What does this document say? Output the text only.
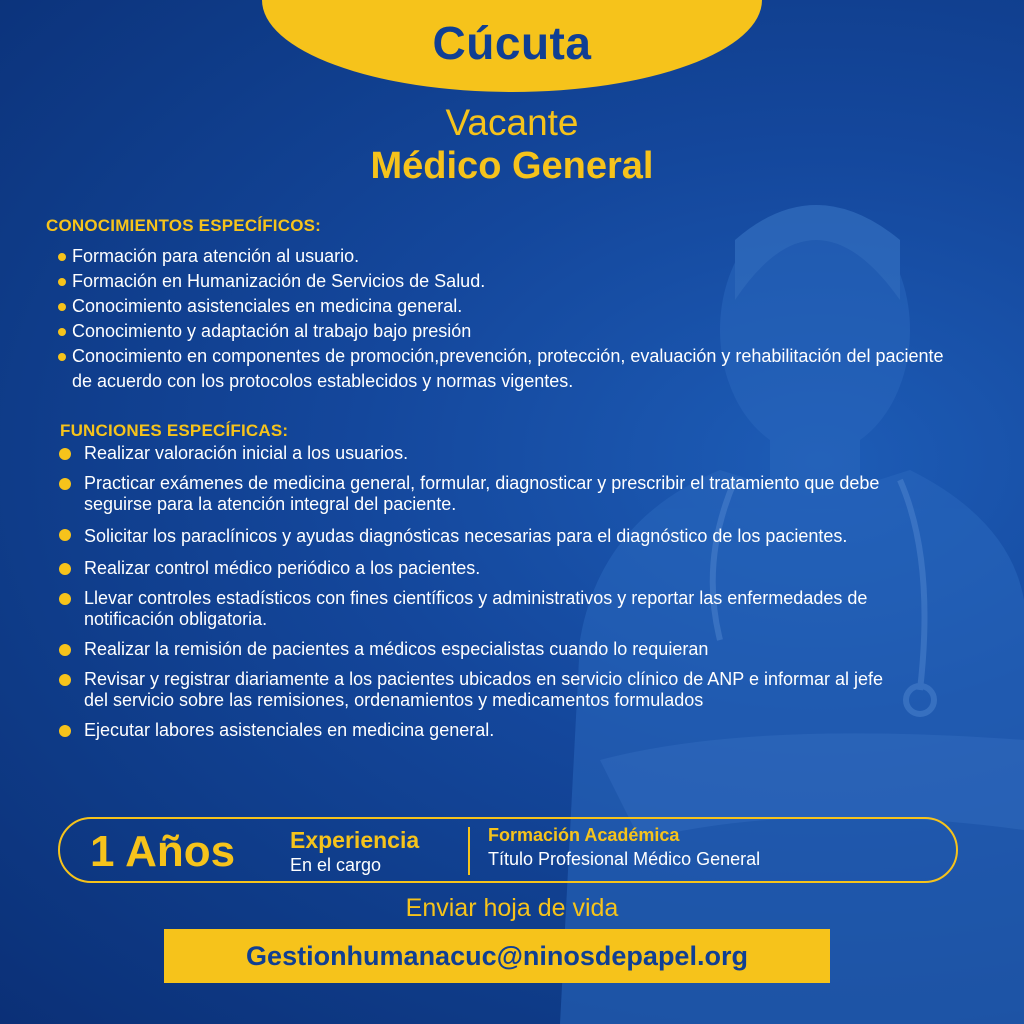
Cúcuta
Vacante
Médico General
CONOCIMIENTOS ESPECÍFICOS:
Formación para atención al usuario.
Formación en Humanización de Servicios de Salud.
Conocimiento asistenciales en medicina general.
Conocimiento y adaptación al trabajo bajo presión
Conocimiento en componentes de promoción,prevención, protección, evaluación y rehabilitación del paciente de acuerdo con los protocolos establecidos y normas vigentes.
FUNCIONES ESPECÍFICAS:
Realizar valoración inicial a los usuarios.
Practicar exámenes de medicina general, formular, diagnosticar y prescribir el tratamiento que debe seguirse para la atención integral del paciente.
Solicitar los paraclínicos y ayudas diagnósticas necesarias para el diagnóstico de los pacientes.
Realizar control médico periódico a los pacientes.
Llevar controles estadísticos con fines científicos y administrativos y reportar las enfermedades de notificación obligatoria.
Realizar la remisión de pacientes a médicos especialistas cuando lo requieran
Revisar y registrar diariamente a los pacientes ubicados en servicio clínico de ANP e informar al jefe del servicio sobre las remisiones, ordenamientos y medicamentos formulados
Ejecutar labores asistenciales en medicina general.
1 Años Experiencia
En el cargo
Formación Académica
Título Profesional Médico General
Enviar hoja de vida
Gestionhumanacuc@ninosdepapel.org
